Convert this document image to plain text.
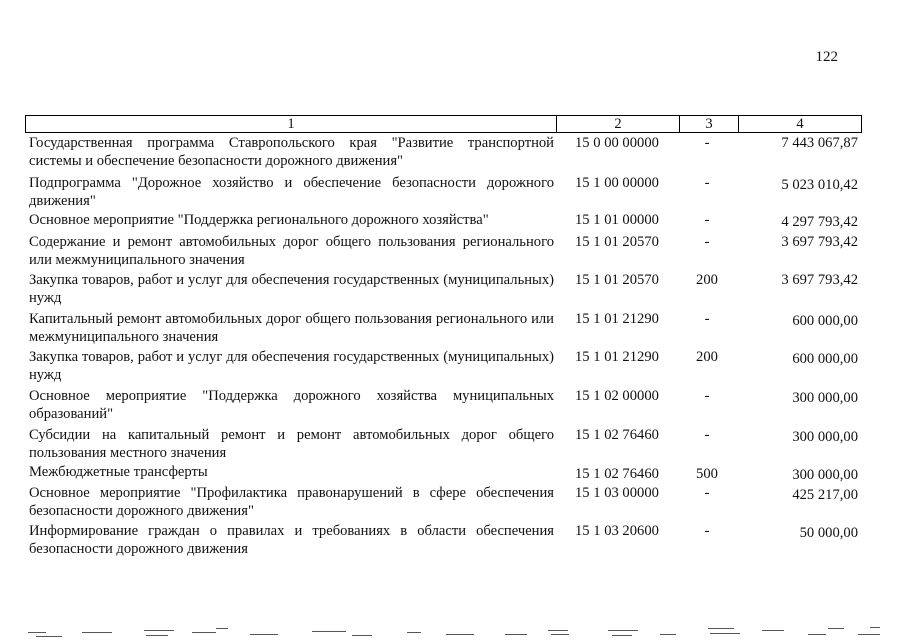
122
1	2	3	4
Государственная программа Ставропольского края "Развитие транспортной системы и обеспечение безопасности дорожного движения"
15 0 00 00000	-	7 443 067,87
Подпрограмма "Дорожное хозяйство и обеспечение безопасности дорожного движения"
15 1 00 00000	-	5 023 010,42
Основное мероприятие "Поддержка регионального дорожного хозяйства"	15 1 01 00000	-	4 297 793,42
Содержание и ремонт автомобильных дорог общего пользования регионального или межмуниципального значения
15 1 01 20570	-	3 697 793,42
Закупка товаров, работ и услуг для обеспечения государственных (муниципальных) нужд
15 1 01 20570	200	3 697 793,42
Капитальный ремонт автомобильных дорог общего пользования регионального или межмуниципального значения
15 1 01 21290	-	600 000,00
Закупка товаров, работ и услуг для обеспечения государственных (муниципальных) нужд
15 1 01 21290	200	600 000,00
Основное мероприятие "Поддержка дорожного хозяйства муниципальных образований"
15 1 02 00000	-	300 000,00
Субсидии на капитальный ремонт и ремонт автомобильных дорог общего пользования местного значения
15 1 02 76460	-	300 000,00
Межбюджетные трансферты	15 1 02 76460	500	300 000,00
Основное мероприятие "Профилактика правонарушений в сфере обеспечения безопасности дорожного движения"
15 1 03 00000	-	425 217,00
Информирование граждан о правилах и требованиях в области обеспечения безопасности дорожного движения
15 1 03 20600	-	50 000,00
